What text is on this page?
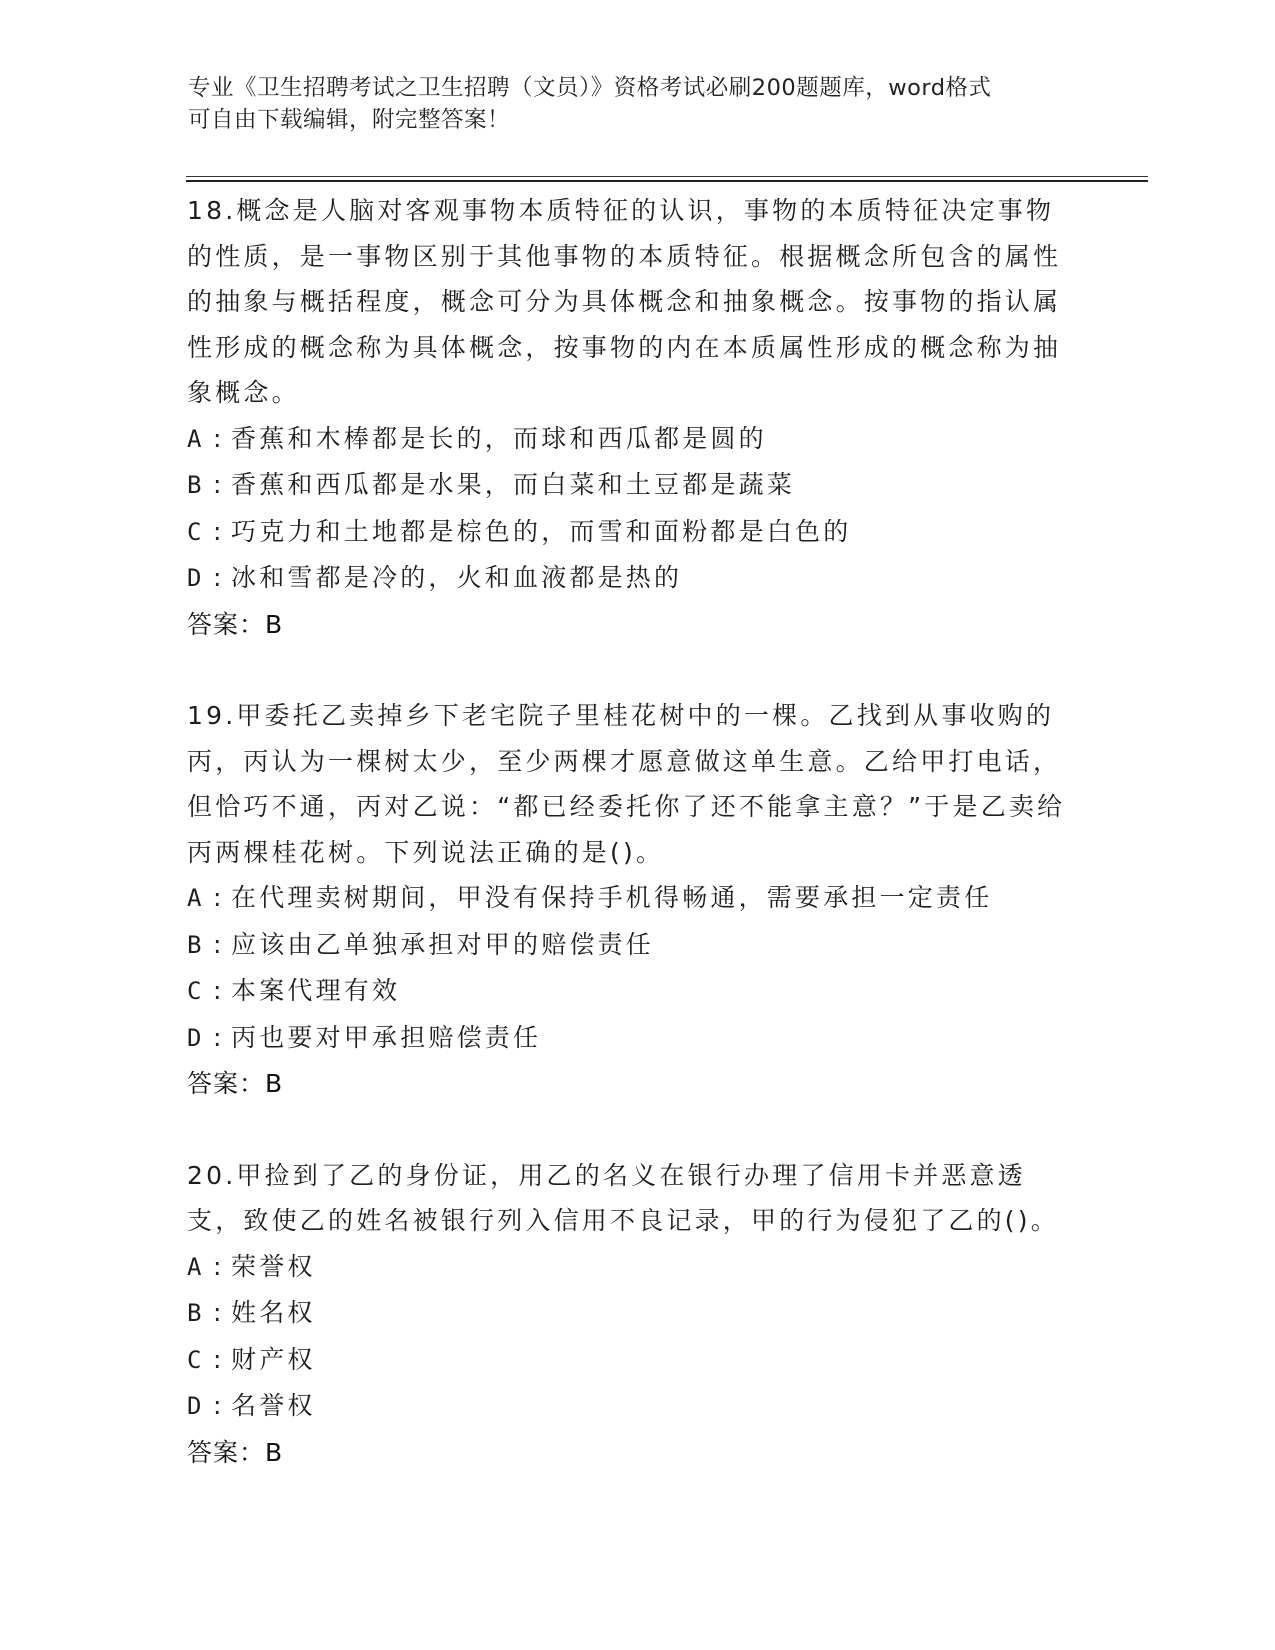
专业《卫生招聘考试之卫生招聘（文员）》资格考试必刷200题题库，word格式
可自由下载编辑，附完整答案！

18.概念是人脑对客观事物本质特征的认识，事物的本质特征决定事物的性质，是一事物区别于其他事物的本质特征。根据概念所包含的属性的抽象与概括程度，概念可分为具体概念和抽象概念。按事物的指认属性形成的概念称为具体概念，按事物的内在本质属性形成的概念称为抽象概念。

A : 香蕉和木棒都是长的，而球和西瓜都是圆的

B : 香蕉和西瓜都是水果，而白菜和土豆都是蔬菜

C : 巧克力和土地都是棕色的，而雪和面粉都是白色的

D : 冰和雪都是冷的，火和血液都是热的

答案：B

19.甲委托乙卖掉乡下老宅院子里桂花树中的一棵。乙找到从事收购的丙，丙认为一棵树太少，至少两棵才愿意做这单生意。乙给甲打电话，但恰巧不通，丙对乙说：“都已经委托你了还不能拿主意？”于是乙卖给丙两棵桂花树。下列说法正确的是()。

A : 在代理卖树期间，甲没有保持手机得畅通，需要承担一定责任

B : 应该由乙单独承担对甲的赔偿责任

C : 本案代理有效

D : 丙也要对甲承担赔偿责任

答案：B

20.甲捡到了乙的身份证，用乙的名义在银行办理了信用卡并恶意透支，致使乙的姓名被银行列入信用不良记录，甲的行为侵犯了乙的()。

A : 荣誉权

B : 姓名权

C : 财产权

D : 名誉权

答案：B
